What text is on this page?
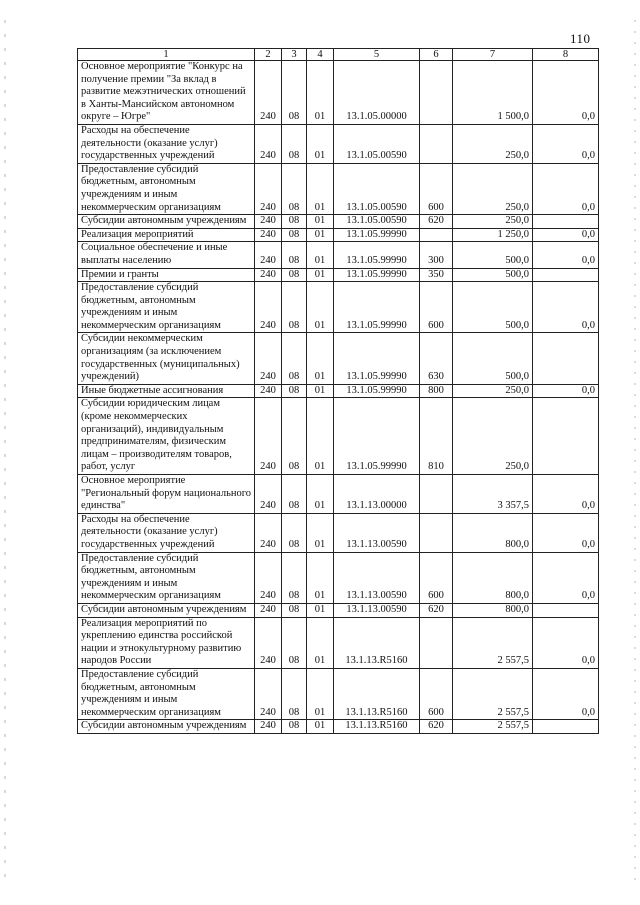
110
1	2	3	4	5	6	7	8
Основное мероприятие "Конкурс на получение премии "За вклад в развитие межэтнических отношений в Ханты-Мансийском автономном округе – Югре"	240	08	01	13.1.05.00000		1 500,0	0,0
Расходы на обеспечение деятельности (оказание услуг) государственных учреждений	240	08	01	13.1.05.00590		250,0	0,0
Предоставление субсидий бюджетным, автономным учреждениям и иным некоммерческим организациям	240	08	01	13.1.05.00590	600	250,0	0,0
Субсидии автономным учреждениям	240	08	01	13.1.05.00590	620	250,0	
Реализация мероприятий	240	08	01	13.1.05.99990		1 250,0	0,0
Социальное обеспечение и иные выплаты населению	240	08	01	13.1.05.99990	300	500,0	0,0
Премии и гранты	240	08	01	13.1.05.99990	350	500,0	
Предоставление субсидий бюджетным, автономным учреждениям и иным некоммерческим организациям	240	08	01	13.1.05.99990	600	500,0	0,0
Субсидии некоммерческим организациям (за исключением государственных (муниципальных) учреждений)	240	08	01	13.1.05.99990	630	500,0	
Иные бюджетные ассигнования	240	08	01	13.1.05.99990	800	250,0	0,0
Субсидии юридическим лицам (кроме некоммерческих организаций), индивидуальным предпринимателям, физическим лицам – производителям товаров, работ, услуг	240	08	01	13.1.05.99990	810	250,0	
Основное мероприятие "Региональный форум национального единства"	240	08	01	13.1.13.00000		3 357,5	0,0
Расходы на обеспечение деятельности (оказание услуг) государственных учреждений	240	08	01	13.1.13.00590		800,0	0,0
Предоставление субсидий бюджетным, автономным учреждениям и иным некоммерческим организациям	240	08	01	13.1.13.00590	600	800,0	0,0
Субсидии автономным учреждениям	240	08	01	13.1.13.00590	620	800,0	
Реализация мероприятий по укреплению единства российской нации и этнокультурному развитию народов России	240	08	01	13.1.13.R5160		2 557,5	0,0
Предоставление субсидий бюджетным, автономным учреждениям и иным некоммерческим организациям	240	08	01	13.1.13.R5160	600	2 557,5	0,0
Субсидии автономным учреждениям	240	08	01	13.1.13.R5160	620	2 557,5	
